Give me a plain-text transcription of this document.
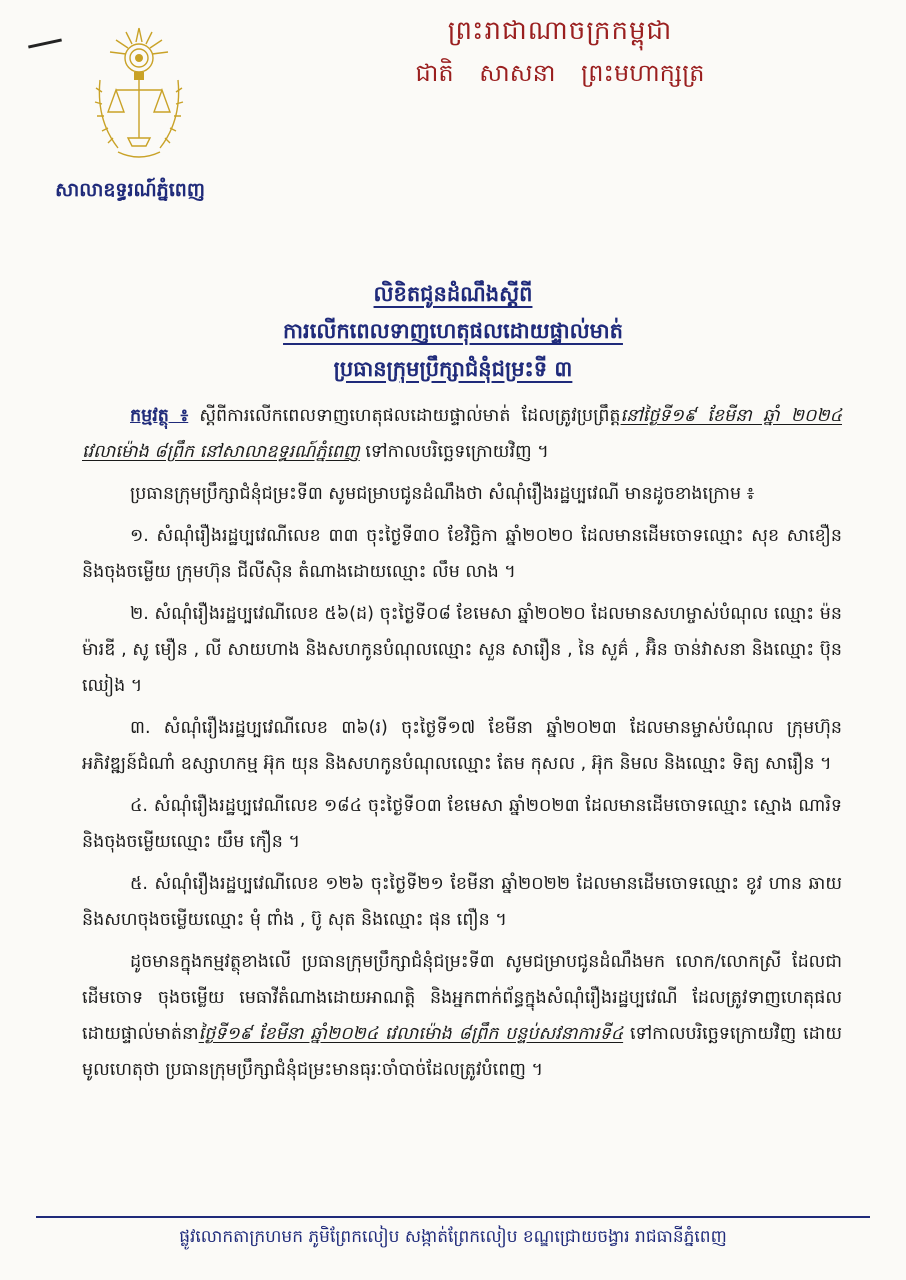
សាលាឧទ្ធរណ៍ភ្នំពេញ
ព្រះរាជាណាចក្រកម្ពុជា
ជាតិ សាសនា ព្រះមហាក្សត្រ
លិខិតជូនដំណឹងស្តីពី
ការលើកពេលទាញហេតុផលដោយផ្ទាល់មាត់
ប្រធានក្រុមប្រឹក្សាជំនុំជម្រះទី ៣

កម្មវត្ថុ ៖ ស្តីពីការលើកពេលទាញហេតុផលដោយផ្ទាល់មាត់ ដែលត្រូវប្រព្រឹត្តនៅថ្ងៃទី១៩ ខែមីនា ឆ្នាំ ២០២៤ វេលាម៉ោង ៨ព្រឹក នៅសាលាឧទ្ធរណ៍ភ្នំពេញ ទៅកាលបរិច្ឆេទក្រោយវិញ ។

ប្រធានក្រុមប្រឹក្សាជំនុំជម្រះទី៣ សូមជម្រាបជូនដំណឹងថា សំណុំរឿងរដ្ឋប្បវេណី មានដូចខាងក្រោម ៖

១. សំណុំរឿងរដ្ឋប្បវេណីលេខ ៣៣ ចុះថ្ងៃទី៣០ ខែវិច្ឆិកា ឆ្នាំ២០២០ ដែលមានដើមចោទឈ្មោះ សុខ សាខឿន និងចុងចម្លើយ ក្រុមហ៊ុន ជីលីស៊ិន តំណាងដោយឈ្មោះ លឹម លាង ។

២. សំណុំរឿងរដ្ឋប្បវេណីលេខ ៥៦(ដ) ចុះថ្ងៃទី០៨ ខែមេសា ឆ្នាំ២០២០ ដែលមានសហម្ចាស់បំណុល ឈ្មោះ ម៉ន ម៉ារឌី , សូ មឿន , លី សាយហាង និងសហកូនបំណុលឈ្មោះ សួន សារឿន , នៃ សួគ៌ , អ៊ិន ចាន់វាសនា និងឈ្មោះ ប៊ុន ឈៀង ។

៣. សំណុំរឿងរដ្ឋប្បវេណីលេខ ៣៦(រ) ចុះថ្ងៃទី១៧ ខែមីនា ឆ្នាំ២០២៣ ដែលមានម្ចាស់បំណុល ក្រុមហ៊ុន អភិវឌ្ឍន៍ជំណាំ ឧស្សាហកម្ម អ៊ុក យុន និងសហកូនបំណុលឈ្មោះ តែម កុសល , អ៊ុក និមល និងឈ្មោះ ទិត្យ សារឿន ។

៤. សំណុំរឿងរដ្ឋប្បវេណីលេខ ១៨៤ ចុះថ្ងៃទី០៣ ខែមេសា ឆ្នាំ២០២៣ ដែលមានដើមចោទឈ្មោះ ស្មោង ណារិទ និងចុងចម្លើយឈ្មោះ យឹម កឿន ។

៥. សំណុំរឿងរដ្ឋប្បវេណីលេខ ១២៦ ចុះថ្ងៃទី២១ ខែមីនា ឆ្នាំ២០២២ ដែលមានដើមចោទឈ្មោះ ខូវ ហាន ឆាយ និងសហចុងចម្លើយឈ្មោះ មុំ ពាំង , ប៊ូ សុត និងឈ្មោះ ផុន ពឿន ។

ដូចមានក្នុងកម្មវត្ថុខាងលើ ប្រធានក្រុមប្រឹក្សាជំនុំជម្រះទី៣ សូមជម្រាបជូនដំណឹងមក លោក/លោកស្រី ដែលជាដើមចោទ ចុងចម្លើយ មេធាវីតំណាងដោយអាណត្តិ និងអ្នកពាក់ព័ន្ធក្នុងសំណុំរឿងរដ្ឋប្បវេណី ដែលត្រូវទាញហេតុផលដោយផ្ទាល់មាត់នាថ្ងៃទី១៩ ខែមីនា ឆ្នាំ២០២៤ វេលាម៉ោង ៨ព្រឹក បន្ទប់សវនាការទី៤ ទៅកាលបរិច្ឆេទក្រោយវិញ ដោយមូលហេតុថា ប្រធានក្រុមប្រឹក្សាជំនុំជម្រះមានធុរៈចាំបាច់ដែលត្រូវបំពេញ ។

ផ្លូវលោកតាក្រហមក ភូមិព្រែកលៀប សង្កាត់ព្រែកលៀប ខណ្ឌជ្រោយចង្វារ រាជធានីភ្នំពេញ
